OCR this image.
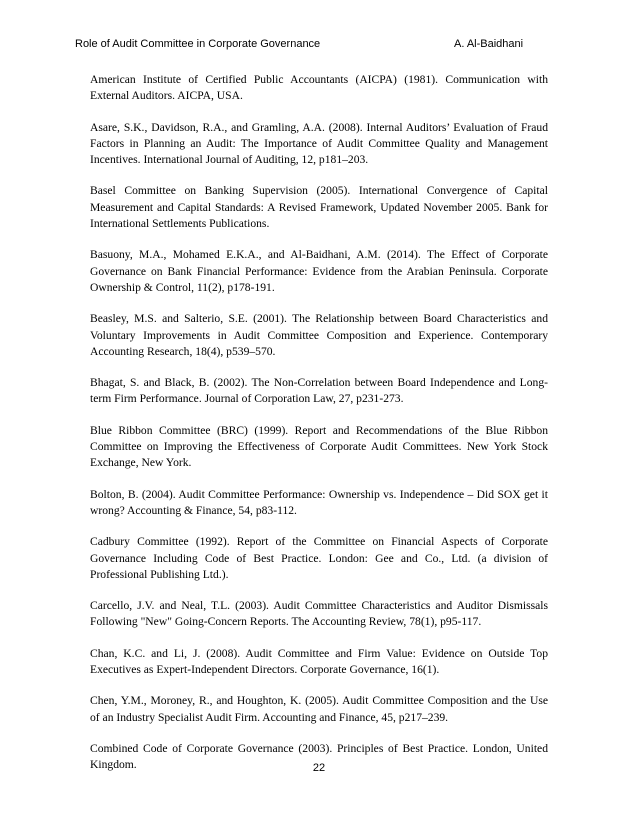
Role of Audit Committee in Corporate Governance	A. Al-Baidhani

American Institute of Certified Public Accountants (AICPA) (1981). Communication with External Auditors. AICPA, USA.

Asare, S.K., Davidson, R.A., and Gramling, A.A. (2008). Internal Auditors’ Evaluation of Fraud Factors in Planning an Audit: The Importance of Audit Committee Quality and Management Incentives. International Journal of Auditing, 12, p181–203.

Basel Committee on Banking Supervision (2005). International Convergence of Capital Measurement and Capital Standards: A Revised Framework, Updated November 2005. Bank for International Settlements Publications.

Basuony, M.A., Mohamed E.K.A., and Al-Baidhani, A.M. (2014). The Effect of Corporate Governance on Bank Financial Performance: Evidence from the Arabian Peninsula. Corporate Ownership & Control, 11(2), p178-191.

Beasley, M.S. and Salterio, S.E. (2001). The Relationship between Board Characteristics and Voluntary Improvements in Audit Committee Composition and Experience. Contemporary Accounting Research, 18(4), p539–570.

Bhagat, S. and Black, B. (2002). The Non-Correlation between Board Independence and Long-term Firm Performance. Journal of Corporation Law, 27, p231-273.

Blue Ribbon Committee (BRC) (1999). Report and Recommendations of the Blue Ribbon Committee on Improving the Effectiveness of Corporate Audit Committees. New York Stock Exchange, New York.

Bolton, B. (2004). Audit Committee Performance: Ownership vs. Independence – Did SOX get it wrong? Accounting & Finance, 54, p83-112.

Cadbury Committee (1992). Report of the Committee on Financial Aspects of Corporate Governance Including Code of Best Practice. London: Gee and Co., Ltd. (a division of Professional Publishing Ltd.).

Carcello, J.V. and Neal, T.L. (2003). Audit Committee Characteristics and Auditor Dismissals Following "New" Going-Concern Reports. The Accounting Review, 78(1), p95-117.

Chan, K.C. and Li, J. (2008). Audit Committee and Firm Value: Evidence on Outside Top Executives as Expert-Independent Directors. Corporate Governance, 16(1).

Chen, Y.M., Moroney, R., and Houghton, K. (2005). Audit Committee Composition and the Use of an Industry Specialist Audit Firm. Accounting and Finance, 45, p217–239.

Combined Code of Corporate Governance (2003). Principles of Best Practice. London, United Kingdom.	22
